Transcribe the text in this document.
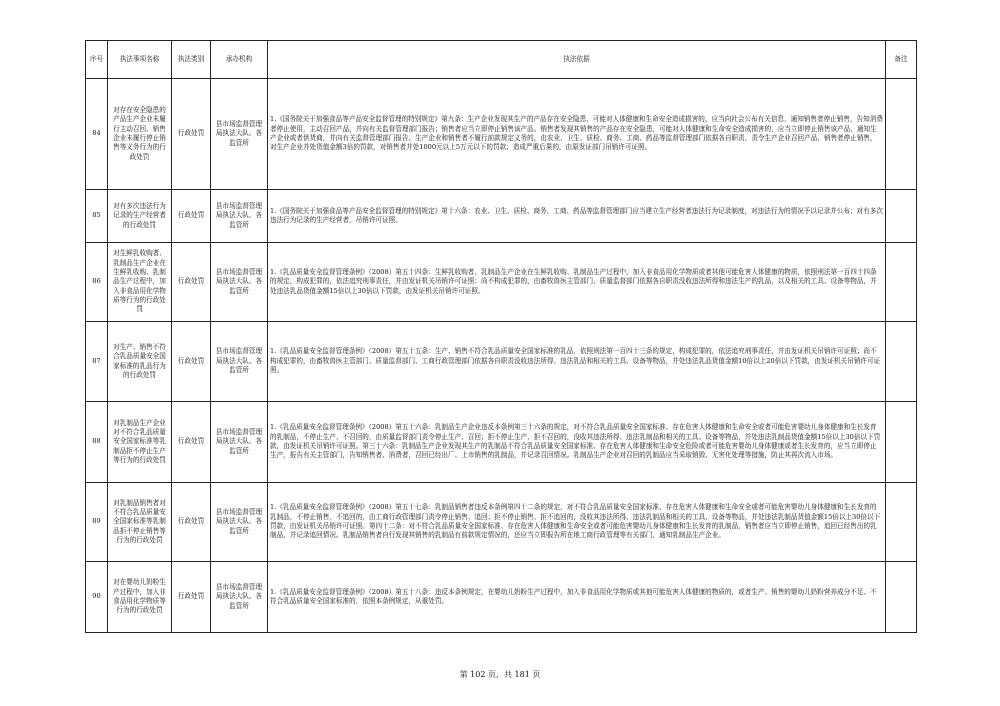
序号	执法事项名称	执法类别	承办机构	执法依据	备注
84	对存在安全隐患的产品生产企业未履行主动召回、销售企业未履行停止销售等义务行为的行政处罚	行政处罚	县市场监督管理局执法大队、各监管所	1.《国务院关于加强食品等产品安全监督管理的特别规定》第九条：生产企业发现其生产的产品存在安全隐患，可能对人体健康和生命安全造成损害的，应当向社会公布有关信息，通知销售者停止销售，告知消费者停止使用，主动召回产品，并向有关监督管理部门报告；销售者应当立即停止销售该产品。销售者发现其销售的产品存在安全隐患，可能对人体健康和生命安全造成损害的，应当立即停止销售该产品，通知生产企业或者供货商，并向有关监督管理部门报告。生产企业和销售者不履行前款规定义务的，由农业、卫生、质检、商务、工商、药品等监督管理部门依据各自职责，责令生产企业召回产品、销售者停止销售，对生产企业并处货值金额3倍的罚款，对销售者并处1000元以上5万元以下的罚款；造成严重后果的，由原发证部门吊销许可证照。	
85	对有多次违法行为记录的生产经营者的行政处罚	行政处罚	县市场监督管理局执法大队、各监管所	1.《国务院关于加强食品等产品安全监督管理的特别规定》第十六条：农业、卫生、质检、商务、工商、药品等监督管理部门应当建立生产经营者违法行为记录制度，对违法行为的情况予以记录并公布；对有多次违法行为记录的生产经营者，吊销许可证照。	
86	对生鲜乳收购者、乳制品生产企业在生鲜乳收购、乳制品生产过程中，加入非食品用化学物质等行为的行政处罚	行政处罚	县市场监督管理局执法大队、各监管所	1.《乳品质量安全监督管理条例》（2008）第五十四条：生鲜乳收购者、乳制品生产企业在生鲜乳收购、乳制品生产过程中，加入非食品用化学物质或者其他可能危害人体健康的物质，依照刑法第一百四十四条的规定，构成犯罪的，依法追究刑事责任，并由发证机关吊销许可证照；尚不构成犯罪的，由畜牧兽医主管部门、质量监督部门依据各自职责没收违法所得和违法生产的乳品，以及相关的工具、设备等物品，并处违法乳品货值金额15倍以上30倍以下罚款，由发证机关吊销许可证照。	
87	对生产、销售不符合乳品质量安全国家标准的乳品行为的行政处罚	行政处罚	县市场监督管理局执法大队、各监管所	1.《乳品质量安全监督管理条例》（2008）第五十五条：生产、销售不符合乳品质量安全国家标准的乳品，依照刑法第一百四十三条的规定，构成犯罪的，依法追究刑事责任，并由发证机关吊销许可证照；尚不构成犯罪的，由畜牧兽医主管部门、质量监督部门、工商行政管理部门依据各自职责没收违法所得、违法乳品和相关的工具、设备等物品，并处违法乳品货值金额10倍以上20倍以下罚款，由发证机关吊销许可证照。	
88	对乳制品生产企业对不符合乳品质量安全国家标准等乳制品拒不停止生产等行为的行政处罚	行政处罚	县市场监督管理局执法大队、各监管所	1.《乳品质量安全监督管理条例》（2008）第五十六条：乳制品生产企业违反本条例第三十六条的规定，对不符合乳品质量安全国家标准、存在危害人体健康和生命安全或者可能危害婴幼儿身体健康和生长发育的乳制品，不停止生产、不召回的，由质量监督部门责令停止生产、召回；拒不停止生产、拒不召回的，没收其违法所得、违法乳制品和相关的工具、设备等物品，并处违法乳制品货值金额15倍以上30倍以下罚款，由发证机关吊销许可证照。第三十六条：乳制品生产企业发现其生产的乳制品不符合乳品质量安全国家标准、存在危害人体健康和生命安全危险或者可能危害婴幼儿身体健康或者生长发育的，应当立即停止生产，报告有关主管部门，告知销售者、消费者，召回已经出厂、上市销售的乳制品，并记录召回情况。乳制品生产企业对召回的乳制品应当采取销毁、无害化处理等措施，防止其再次流入市场。	
89	对乳制品销售者对不符合乳品质量安全国家标准等乳制品拒不停止销售等行为的行政处罚	行政处罚	县市场监督管理局执法大队、各监管所	1.《乳品质量安全监督管理条例》（2008）第五十七条：乳制品销售者违反本条例第四十二条的规定，对不符合乳品质量安全国家标准、存在危害人体健康和生命安全或者可能危害婴幼儿身体健康和生长发育的乳制品，不停止销售、不追回的，由工商行政管理部门责令停止销售、追回；拒不停止销售、拒不追回的，没收其违法所得、违法乳制品和相关的工具、设备等物品，并处违法乳制品货值金额15倍以上30倍以下罚款，由发证机关吊销许可证照。第四十二条：对不符合乳品质量安全国家标准、存在危害人体健康和生命安全或者可能危害婴幼儿身体健康和生长发育的乳制品，销售者应当立即停止销售，追回已经售出的乳制品，并记录追回情况。乳制品销售者自行发现其销售的乳制品有前款规定情况的，还应当立即报告所在地工商行政管理等有关部门，通知乳制品生产企业。	
90	对在婴幼儿奶粉生产过程中，加入非食品用化学物质等行为的行政处罚	行政处罚	县市场监督管理局执法大队、各监管所	1.《乳品质量安全监督管理条例》（2008）第五十八条：违反本条例规定，在婴幼儿奶粉生产过程中，加入非食品用化学物质或其他可能危害人体健康的物质的，或者生产、销售的婴幼儿奶粉营养成分不足、不符合乳品质量安全国家标准的，依照本条例规定，从重处罚。	
第 102 页，共 181 页
